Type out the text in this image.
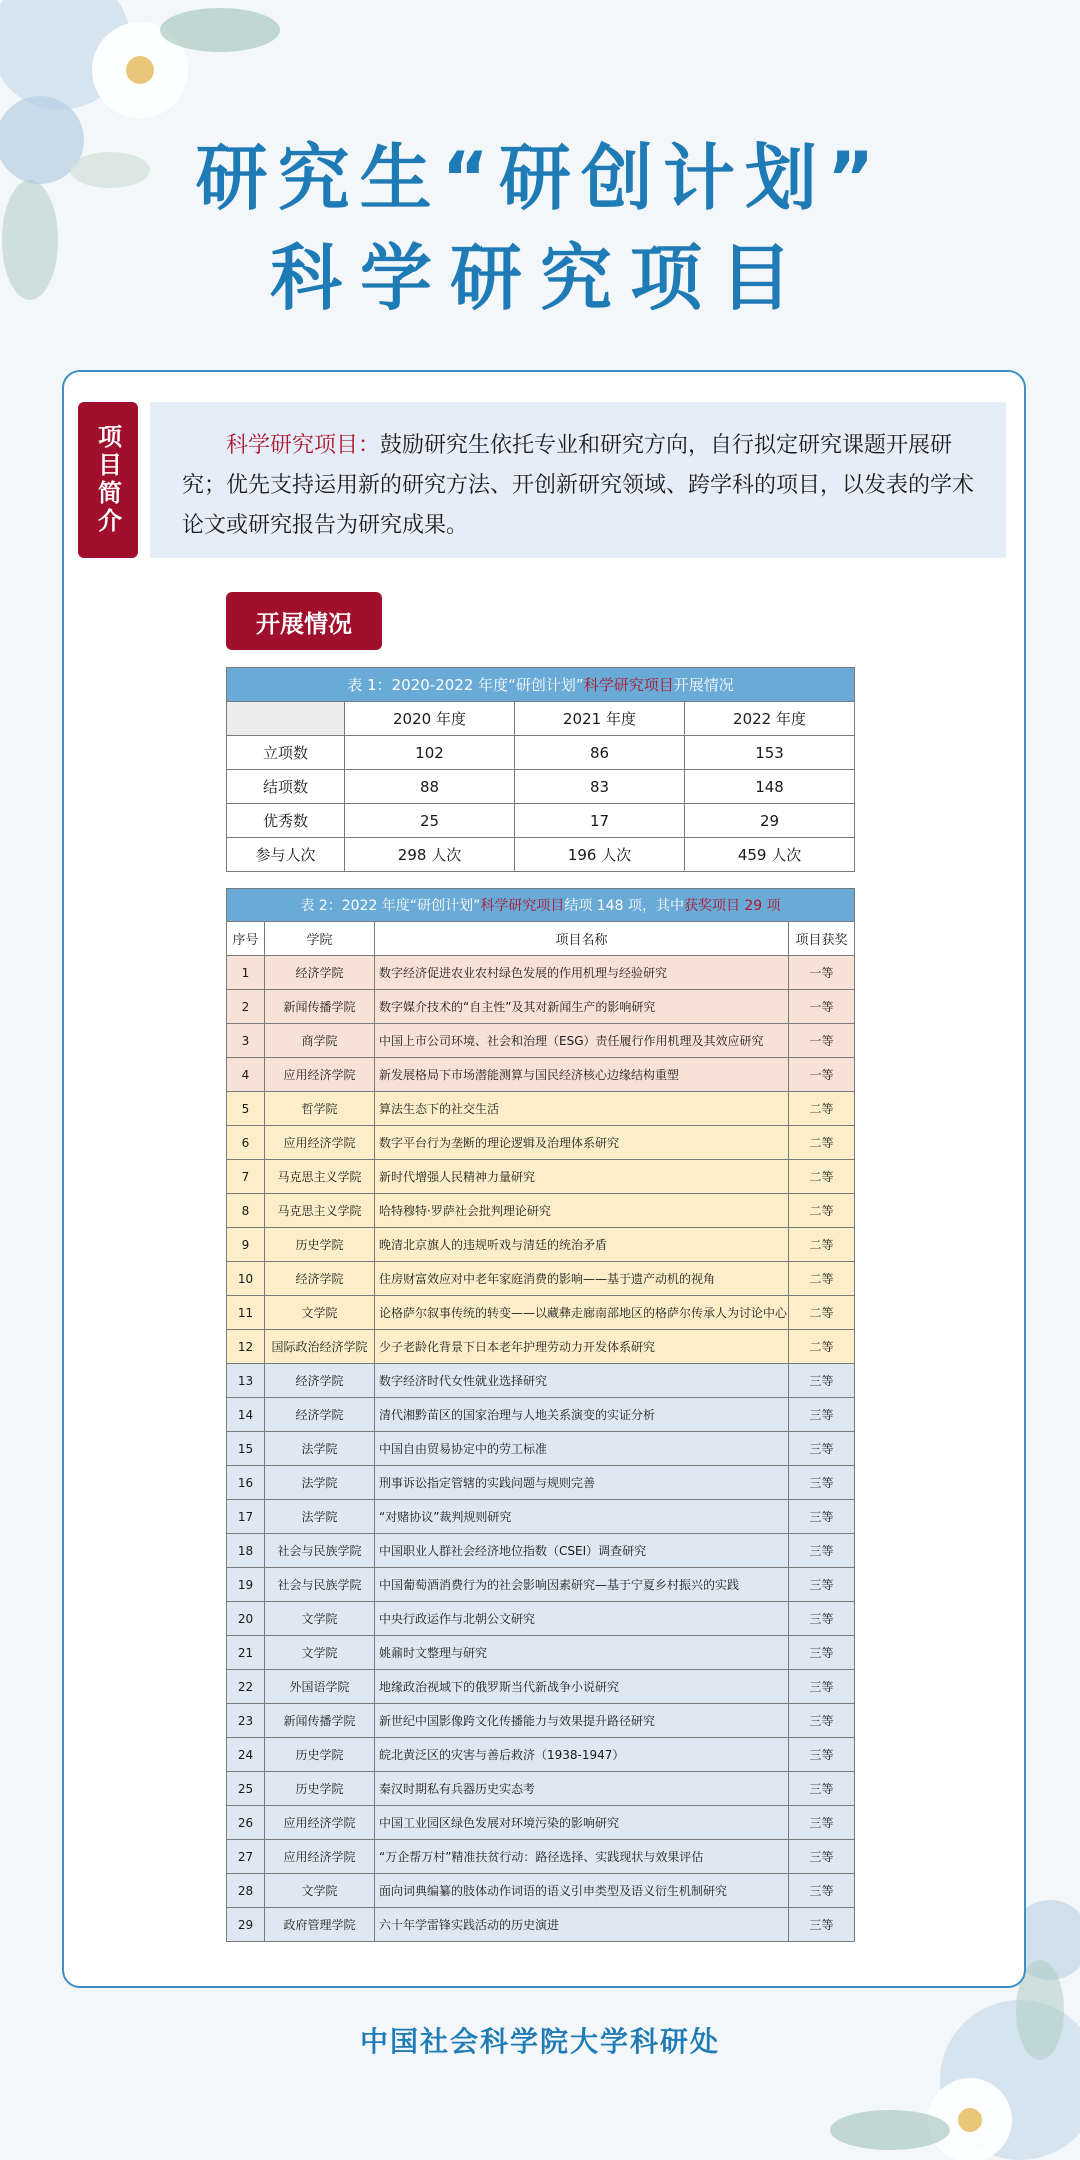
研究生“研创计划”
科学研究项目
项目简介	科学研究项目：鼓励研究生依托专业和研究方向，自行拟定研究课题开展研究；优先支持运用新的研究方法、开创新研究领域、跨学科的项目，以发表的学术论文或研究报告为研究成果。
开展情况
表 1：2020-2022 年度“研创计划”科学研究项目开展情况			
	2020 年度	2021 年度	2022 年度
立项数	102	86	153
结项数	88	83	148
优秀数	25	17	29
参与人次	298 人次	196 人次	459 人次
表 2：2022 年度“研创计划”科学研究项目结项 148 项，其中获奖项目 29 项			
序号	学院	项目名称	项目获奖
1	经济学院	数字经济促进农业农村绿色发展的作用机理与经验研究	一等
2	新闻传播学院	数字媒介技术的“自主性”及其对新闻生产的影响研究	一等
3	商学院	中国上市公司环境、社会和治理（ESG）责任履行作用机理及其效应研究	一等
4	应用经济学院	新发展格局下市场潜能测算与国民经济核心边缘结构重塑	一等
5	哲学院	算法生态下的社交生活	二等
6	应用经济学院	数字平台行为垄断的理论逻辑及治理体系研究	二等
7	马克思主义学院	新时代增强人民精神力量研究	二等
8	马克思主义学院	哈特穆特·罗萨社会批判理论研究	二等
9	历史学院	晚清北京旗人的违规听戏与清廷的统治矛盾	二等
10	经济学院	住房财富效应对中老年家庭消费的影响——基于遗产动机的视角	二等
11	文学院	论格萨尔叙事传统的转变——以藏彝走廊南部地区的格萨尔传承人为讨论中心	二等
12	国际政治经济学院	少子老龄化背景下日本老年护理劳动力开发体系研究	二等
13	经济学院	数字经济时代女性就业选择研究	三等
14	经济学院	清代湘黔苗区的国家治理与人地关系演变的实证分析	三等
15	法学院	中国自由贸易协定中的劳工标准	三等
16	法学院	刑事诉讼指定管辖的实践问题与规则完善	三等
17	法学院	“对赌协议”裁判规则研究	三等
18	社会与民族学院	中国职业人群社会经济地位指数（CSEI）调查研究	三等
19	社会与民族学院	中国葡萄酒消费行为的社会影响因素研究—基于宁夏乡村振兴的实践	三等
20	文学院	中央行政运作与北朝公文研究	三等
21	文学院	姚鼐时文整理与研究	三等
22	外国语学院	地缘政治视域下的俄罗斯当代新战争小说研究	三等
23	新闻传播学院	新世纪中国影像跨文化传播能力与效果提升路径研究	三等
24	历史学院	皖北黄泛区的灾害与善后救济（1938-1947）	三等
25	历史学院	秦汉时期私有兵器历史实态考	三等
26	应用经济学院	中国工业园区绿色发展对环境污染的影响研究	三等
27	应用经济学院	“万企帮万村”精准扶贫行动：路径选择、实践现状与效果评估	三等
28	文学院	面向词典编纂的肢体动作词语的语义引申类型及语义衍生机制研究	三等
29	政府管理学院	六十年学雷锋实践活动的历史演进	三等
中国社会科学院大学科研处
